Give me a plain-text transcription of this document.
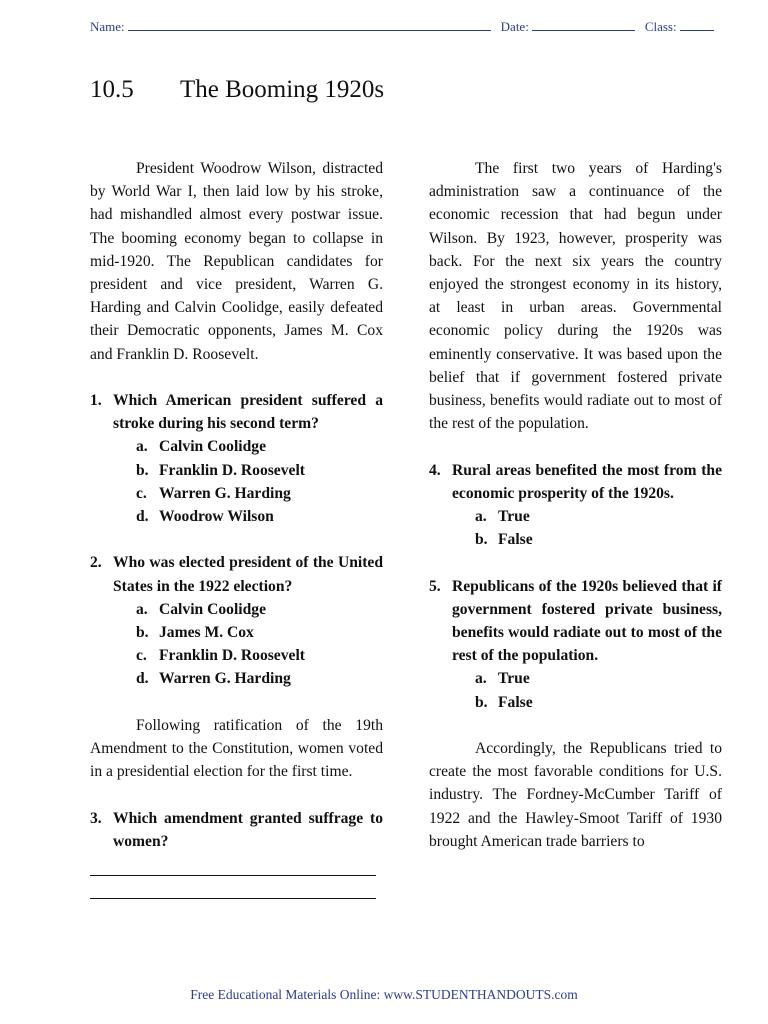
Name:	Date:	Class:
10.5 The Booming 1920s

President Woodrow Wilson, distracted by World War I, then laid low by his stroke, had mishandled almost every postwar issue. The booming economy began to collapse in mid-1920. The Republican candidates for president and vice president, Warren G. Harding and Calvin Coolidge, easily defeated their Democratic opponents, James M. Cox and Franklin D. Roosevelt.

1. Which American president suffered a stroke during his second term?
a. Calvin Coolidge
b. Franklin D. Roosevelt
c. Warren G. Harding
d. Woodrow Wilson
2. Who was elected president of the United States in the 1922 election?
a. Calvin Coolidge
b. James M. Cox
c. Franklin D. Roosevelt
d. Warren G. Harding

Following ratification of the 19th Amendment to the Constitution, women voted in a presidential election for the first time.

3. Which amendment granted suffrage to women?

The first two years of Harding's administration saw a continuance of the economic recession that had begun under Wilson. By 1923, however, prosperity was back. For the next six years the country enjoyed the strongest economy in its history, at least in urban areas. Governmental economic policy during the 1920s was eminently conservative. It was based upon the belief that if government fostered private business, benefits would radiate out to most of the rest of the population.

4. Rural areas benefited the most from the economic prosperity of the 1920s.
a. True
b. False
5. Republicans of the 1920s believed that if government fostered private business, benefits would radiate out to most of the rest of the population.
a. True
b. False

Accordingly, the Republicans tried to create the most favorable conditions for U.S. industry. The Fordney-McCumber Tariff of 1922 and the Hawley-Smoot Tariff of 1930 brought American trade barriers to

Free Educational Materials Online: www.STUDENTHANDOUTS.com
